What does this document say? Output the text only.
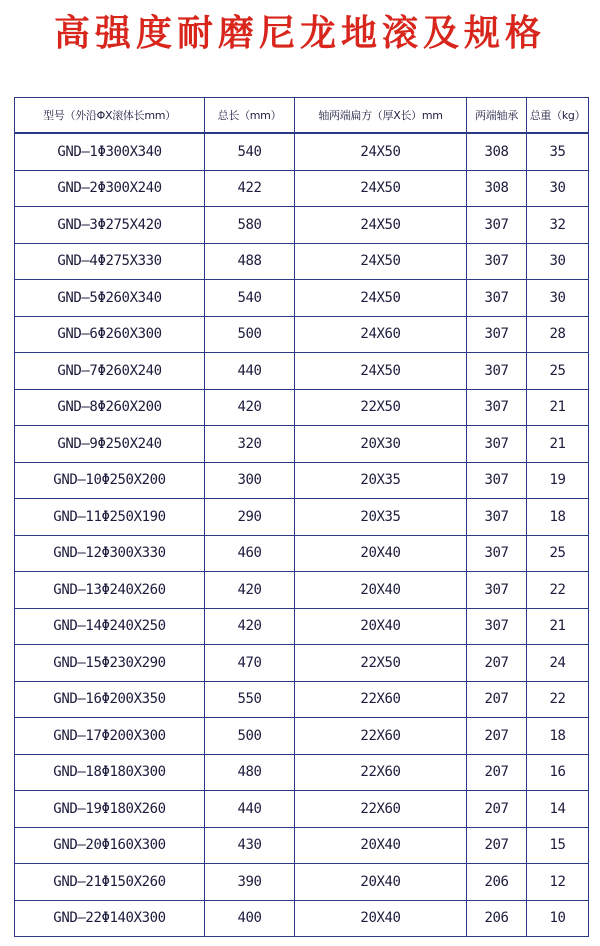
高强度耐磨尼龙地滚及规格
型号（外沿ΦX滚体长mm）	总长（mm）	轴两端扁方（厚X长）mm	两端轴承	总重（kg）
GND—1Φ300X340	540	24X50	308	35
GND—2Φ300X240	422	24X50	308	30
GND—3Φ275X420	580	24X50	307	32
GND—4Φ275X330	488	24X50	307	30
GND—5Φ260X340	540	24X50	307	30
GND—6Φ260X300	500	24X60	307	28
GND—7Φ260X240	440	24X50	307	25
GND—8Φ260X200	420	22X50	307	21
GND—9Φ250X240	320	20X30	307	21
GND—10Φ250X200	300	20X35	307	19
GND—11Φ250X190	290	20X35	307	18
GND—12Φ300X330	460	20X40	307	25
GND—13Φ240X260	420	20X40	307	22
GND—14Φ240X250	420	20X40	307	21
GND—15Φ230X290	470	22X50	207	24
GND—16Φ200X350	550	22X60	207	22
GND—17Φ200X300	500	22X60	207	18
GND—18Φ180X300	480	22X60	207	16
GND—19Φ180X260	440	22X60	207	14
GND—20Φ160X300	430	20X40	207	15
GND—21Φ150X260	390	20X40	206	12
GND—22Φ140X300	400	20X40	206	10
